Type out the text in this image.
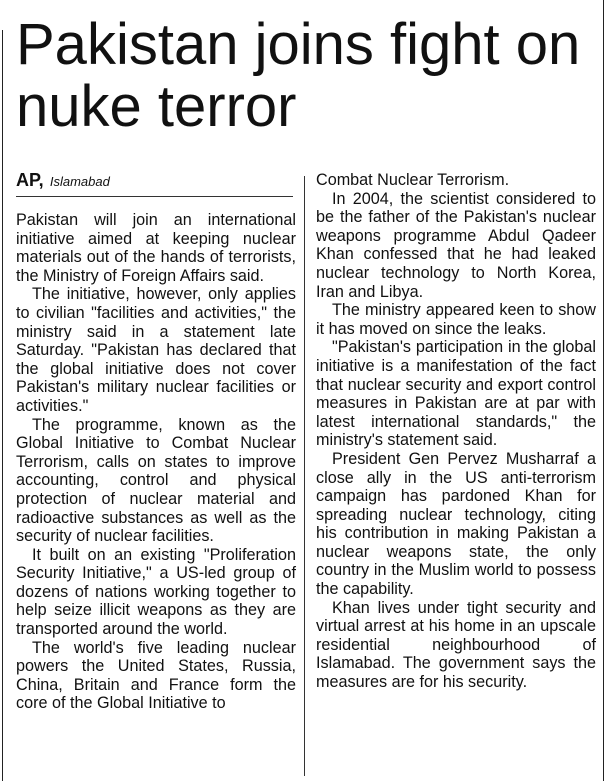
Pakistan joins fight on nuke terror
AP, Islamabad

Pakistan will join an international initiative aimed at keeping nuclear materials out of the hands of terrorists, the Ministry of Foreign Affairs said.

The initiative, however, only applies to civilian "facilities and activities," the ministry said in a statement late Saturday. "Pakistan has declared that the global initiative does not cover Pakistan's military nuclear facilities or activities."

The programme, known as the Global Initiative to Combat Nuclear Terrorism, calls on states to improve accounting, control and physical protection of nuclear material and radioactive substances as well as the security of nuclear facilities.

It built on an existing "Proliferation Security Initiative," a US-led group of dozens of nations working together to help seize illicit weapons as they are transported around the world.

The world's five leading nuclear powers the United States, Russia, China, Britain and France form the core of the Global Initiative to

Combat Nuclear Terrorism.

In 2004, the scientist considered to be the father of the Pakistan's nuclear weapons programme Abdul Qadeer Khan confessed that he had leaked nuclear technology to North Korea, Iran and Libya.

The ministry appeared keen to show it has moved on since the leaks.

"Pakistan's participation in the global initiative is a manifestation of the fact that nuclear security and export control measures in Pakistan are at par with latest international standards," the ministry's statement said.

President Gen Pervez Musharraf a close ally in the US anti-terrorism campaign has pardoned Khan for spreading nuclear technology, citing his contribution in making Pakistan a nuclear weapons state, the only country in the Muslim world to possess the capability.

Khan lives under tight security and virtual arrest at his home in an upscale residential neighbourhood of Islamabad. The government says the measures are for his security.
